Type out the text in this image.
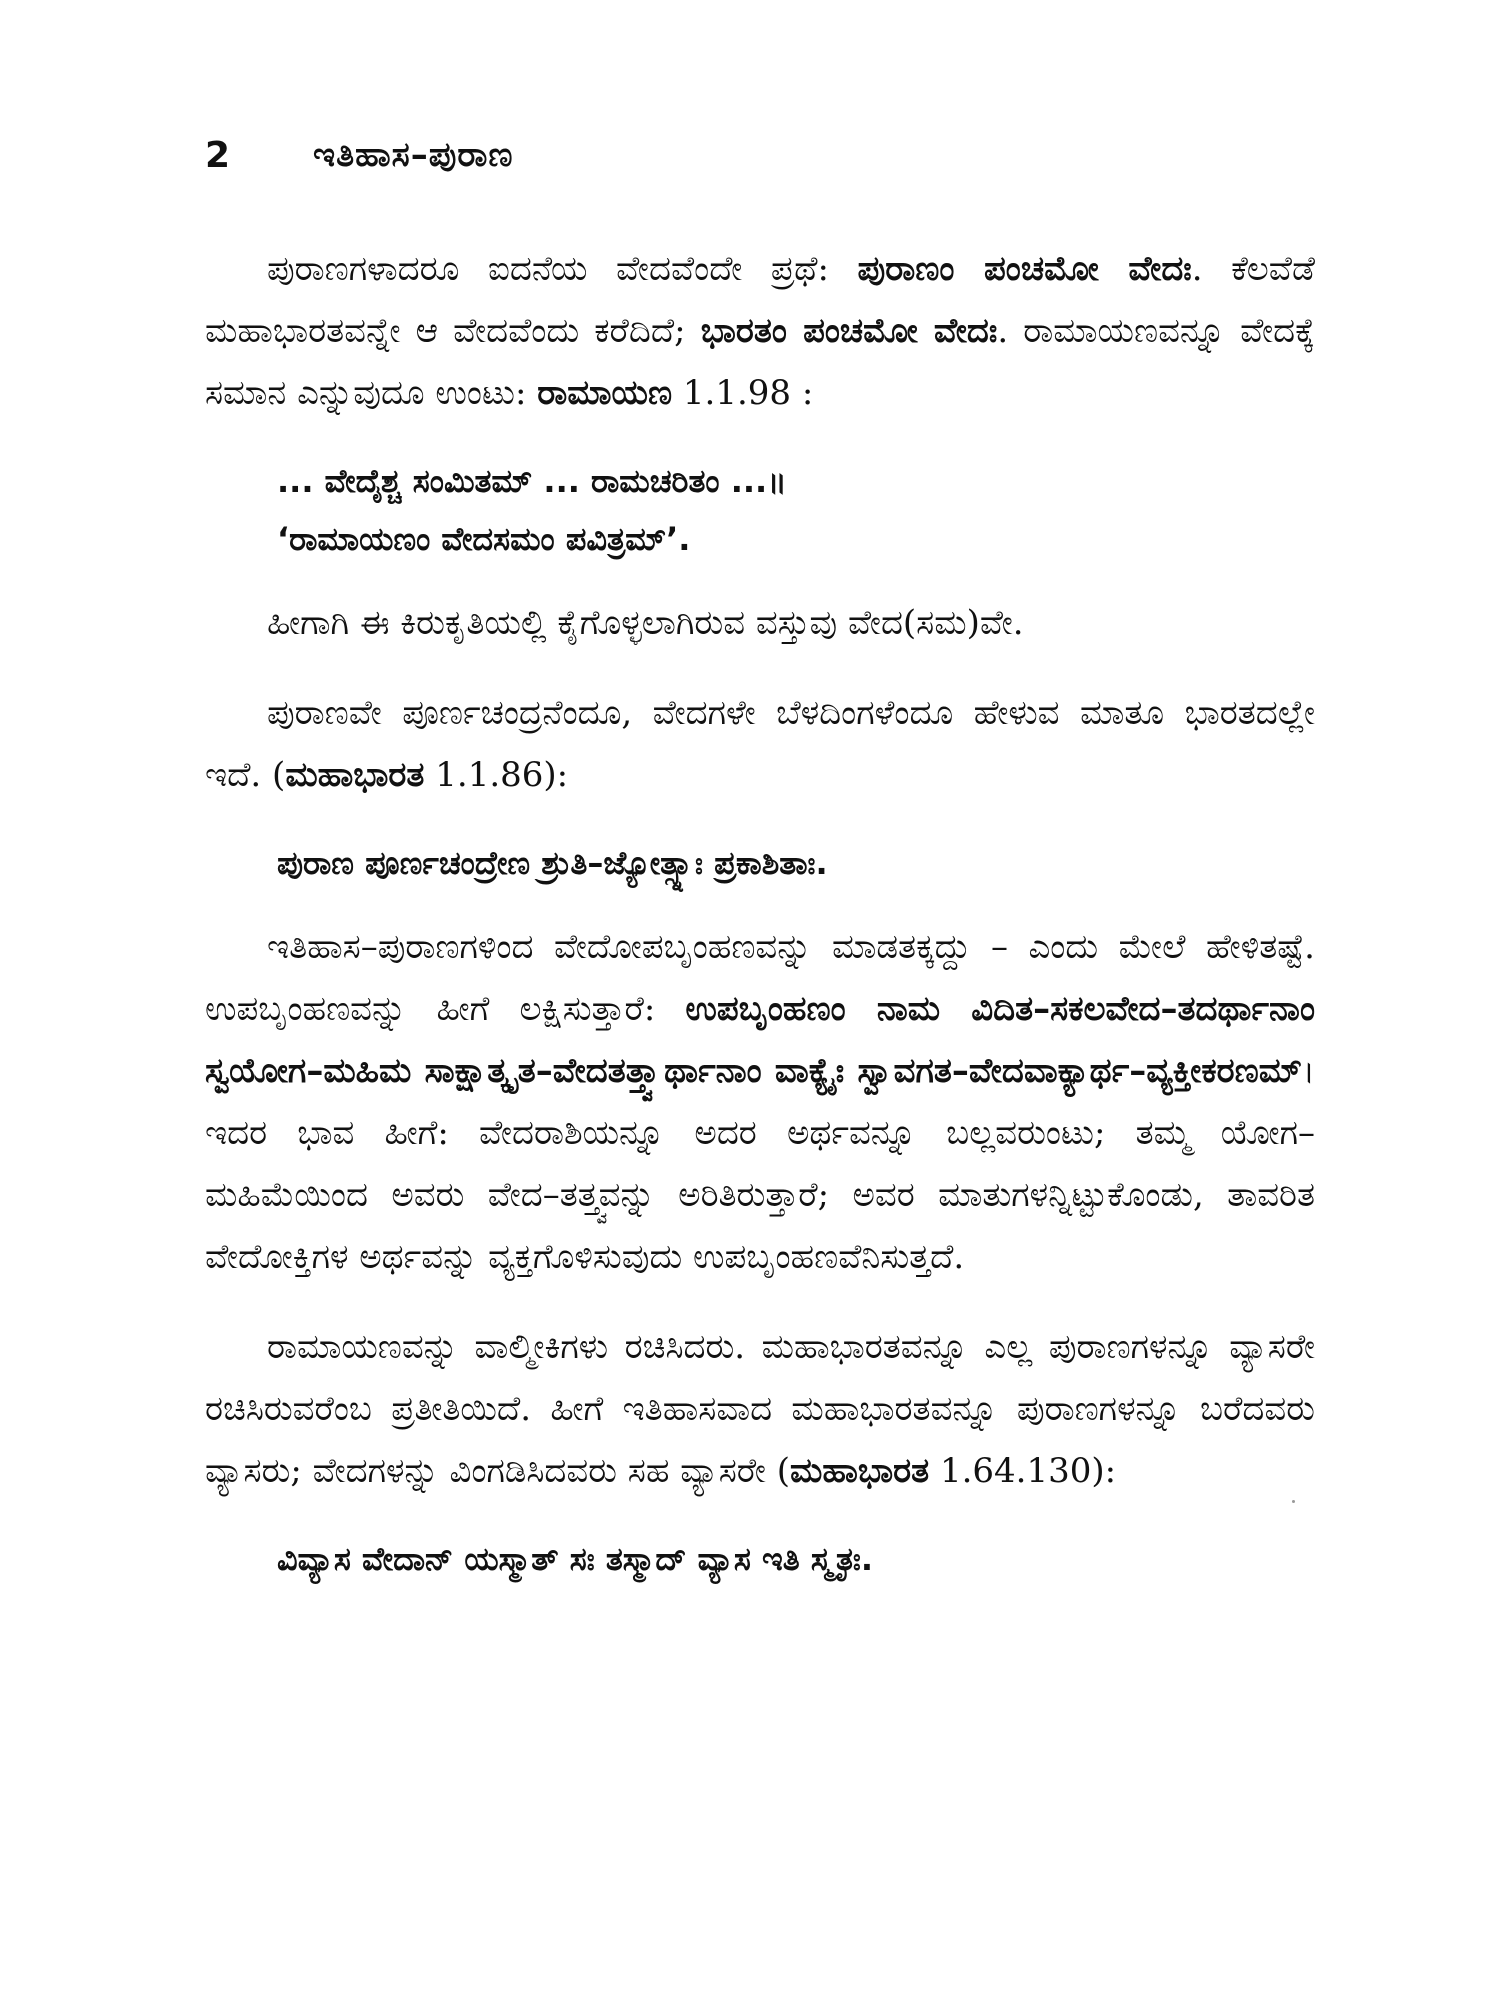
2	ಇತಿಹಾಸ–ಪುರಾಣ

ಪುರಾಣಗಳಾದರೂ ಐದನೆಯ ವೇದವೆಂದೇ ಪ್ರಥೆ: ಪುರಾಣಂ ಪಂಚಮೋ ವೇದಃ. ಕೆಲವೆಡೆ ಮಹಾಭಾರತವನ್ನೇ ಆ ವೇದವೆಂದು ಕರೆದಿದೆ; ಭಾರತಂ ಪಂಚಮೋ ವೇದಃ. ರಾಮಾಯಣವನ್ನೂ ವೇದಕ್ಕೆ ಸಮಾನ ಎನ್ನುವುದೂ ಉಂಟು: ರಾಮಾಯಣ 1.1.98 :

... ವೇದೈಶ್ಚ ಸಂಮಿತಮ್ ... ರಾಮಚರಿತಂ ...॥
‘ರಾಮಾಯಣಂ ವೇದಸಮಂ ಪವಿತ್ರಮ್’.

ಹೀಗಾಗಿ ಈ ಕಿರುಕೃತಿಯಲ್ಲಿ ಕೈಗೊಳ್ಳಲಾಗಿರುವ ವಸ್ತುವು ವೇದ(ಸಮ)ವೇ.

ಪುರಾಣವೇ ಪೂರ್ಣಚಂದ್ರನೆಂದೂ, ವೇದಗಳೇ ಬೆಳದಿಂಗಳೆಂದೂ ಹೇಳುವ ಮಾತೂ ಭಾರತದಲ್ಲೇ ಇದೆ. (ಮಹಾಭಾರತ 1.1.86):

ಪುರಾಣ ಪೂರ್ಣಚಂದ್ರೇಣ ಶ್ರುತಿ–ಜ್ಯೋತ್ಸ್ನಾಃ ಪ್ರಕಾಶಿತಾಃ.

ಇತಿಹಾಸ–ಪುರಾಣಗಳಿಂದ ವೇದೋಪಬೃಂಹಣವನ್ನು ಮಾಡತಕ್ಕದ್ದು – ಎಂದು ಮೇಲೆ ಹೇಳಿತಷ್ಟೆ. ಉಪಬೃಂಹಣವನ್ನು ಹೀಗೆ ಲಕ್ಷಿಸುತ್ತಾರೆ: ಉಪಬೃಂಹಣಂ ನಾಮ ವಿದಿತ–ಸಕಲವೇದ–ತದರ್ಥಾನಾಂ ಸ್ವಯೋಗ–ಮಹಿಮ ಸಾಕ್ಷಾತ್ಕೃತ–ವೇದತತ್ತ್ವಾರ್ಥಾನಾಂ ವಾಕ್ಯೈಃ ಸ್ವಾವಗತ–ವೇದವಾಕ್ಯಾರ್ಥ–ವ್ಯಕ್ತೀಕರಣಮ್। ಇದರ ಭಾವ ಹೀಗೆ: ವೇದರಾಶಿಯನ್ನೂ ಅದರ ಅರ್ಥವನ್ನೂ ಬಲ್ಲವರುಂಟು; ತಮ್ಮ ಯೋಗ–ಮಹಿಮೆಯಿಂದ ಅವರು ವೇದ–ತತ್ತ್ವವನ್ನು ಅರಿತಿರುತ್ತಾರೆ; ಅವರ ಮಾತುಗಳನ್ನಿಟ್ಟುಕೊಂಡು, ತಾವರಿತ ವೇದೋಕ್ತಿಗಳ ಅರ್ಥವನ್ನು ವ್ಯಕ್ತಗೊಳಿಸುವುದು ಉಪಬೃಂಹಣವೆನಿಸುತ್ತದೆ.

ರಾಮಾಯಣವನ್ನು ವಾಲ್ಮೀಕಿಗಳು ರಚಿಸಿದರು. ಮಹಾಭಾರತವನ್ನೂ ಎಲ್ಲ ಪುರಾಣಗಳನ್ನೂ ವ್ಯಾಸರೇ ರಚಿಸಿರುವರೆಂಬ ಪ್ರತೀತಿಯಿದೆ. ಹೀಗೆ ಇತಿಹಾಸವಾದ ಮಹಾಭಾರತವನ್ನೂ ಪುರಾಣಗಳನ್ನೂ ಬರೆದವರು ವ್ಯಾಸರು; ವೇದಗಳನ್ನು ವಿಂಗಡಿಸಿದವರು ಸಹ ವ್ಯಾಸರೇ (ಮಹಾಭಾರತ 1.64.130):

ವಿವ್ಯಾಸ ವೇದಾನ್ ಯಸ್ಮಾತ್ ಸಃ ತಸ್ಮಾದ್ ವ್ಯಾಸ ಇತಿ ಸ್ಮೃತಃ.
